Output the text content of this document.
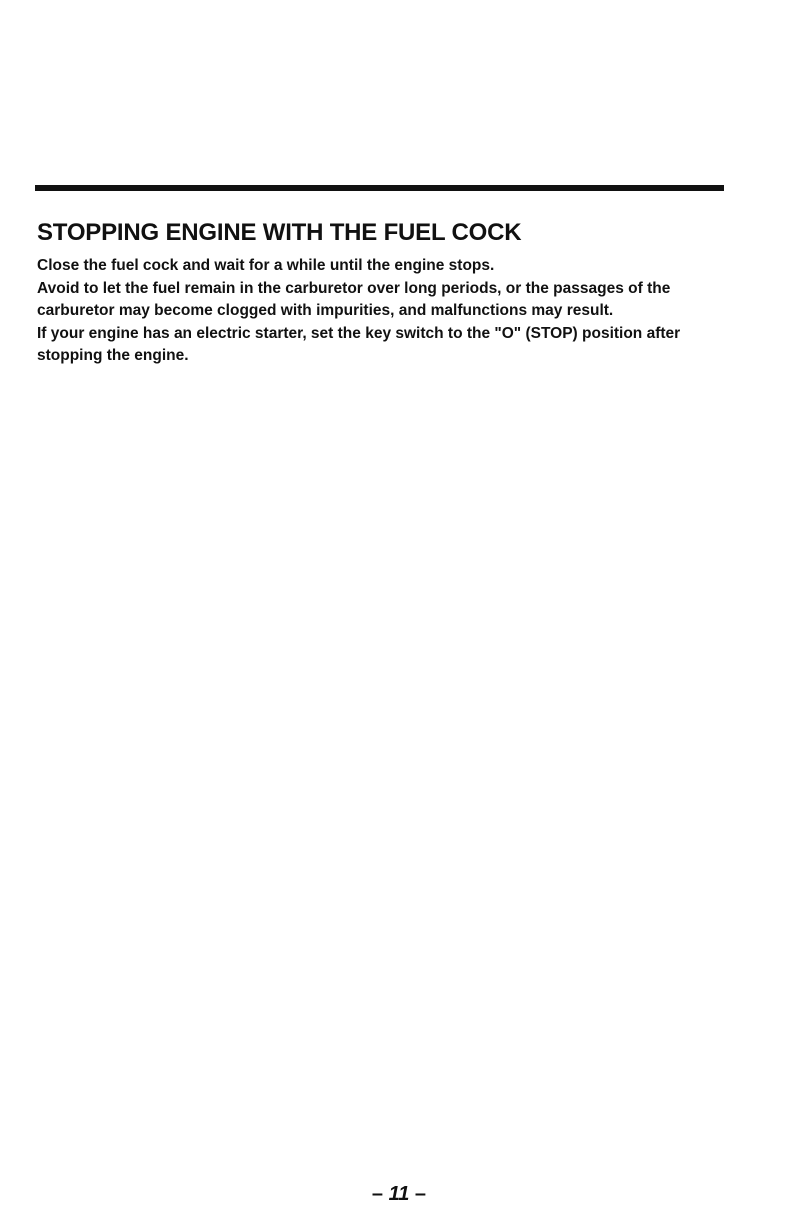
STOPPING ENGINE WITH THE FUEL COCK

Close the fuel cock and wait for a while until the engine stops.

Avoid to let the fuel remain in the carburetor over long periods, or the passages of the carburetor may become clogged with impurities, and malfunctions may result.

If your engine has an electric starter, set the key switch to the "O" (STOP) position after stopping the engine.

– 11 –
